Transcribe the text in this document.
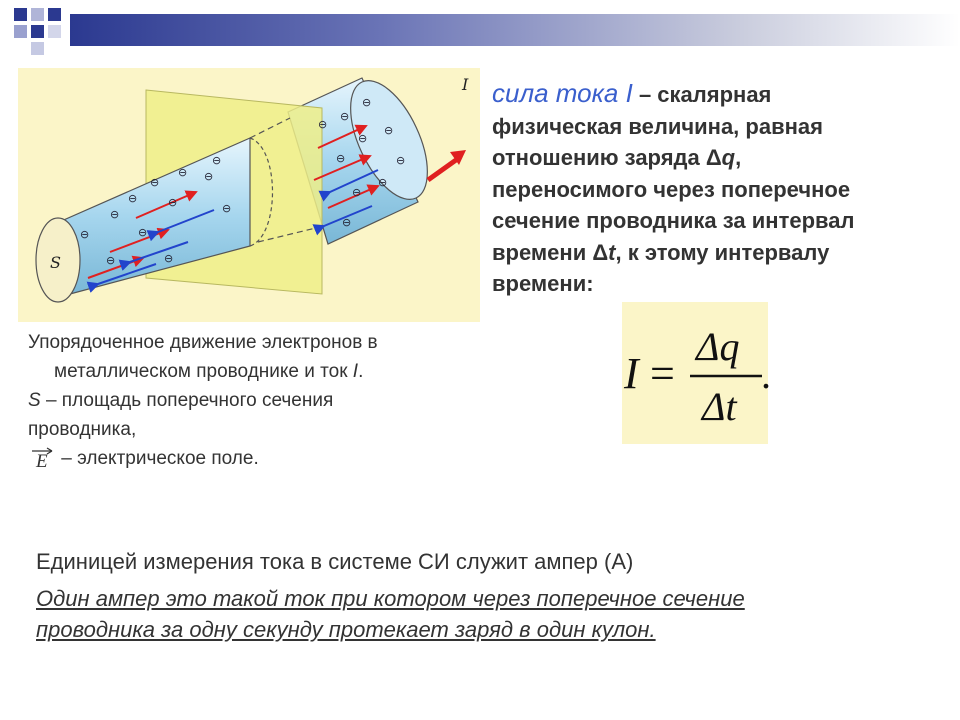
⊖
⊖
⊖
⊖
⊖
⊖ ⊖
⊖
⊖
⊖
⊖
⊖
⊖
⊖
⊖
⊖
⊖
⊖
⊖
⊖
⊖
⊖
S
I
Упорядоченное движение электронов в
металлическом проводнике и ток I.
S – площадь поперечного сечения
проводника,
E – электрическое поле.
сила тока I – скалярная
физическая величина, равная
отношению заряда Δq,
переносимого через поперечное
сечение проводника за интервал
времени Δt, к этому интервалу
времени:
I =
Δq
Δt
.
Единицей измерения тока в системе СИ служит ампер (А)
Один ампер это такой ток при котором через поперечное сечение
проводника за одну секунду протекает заряд в один кулон.
